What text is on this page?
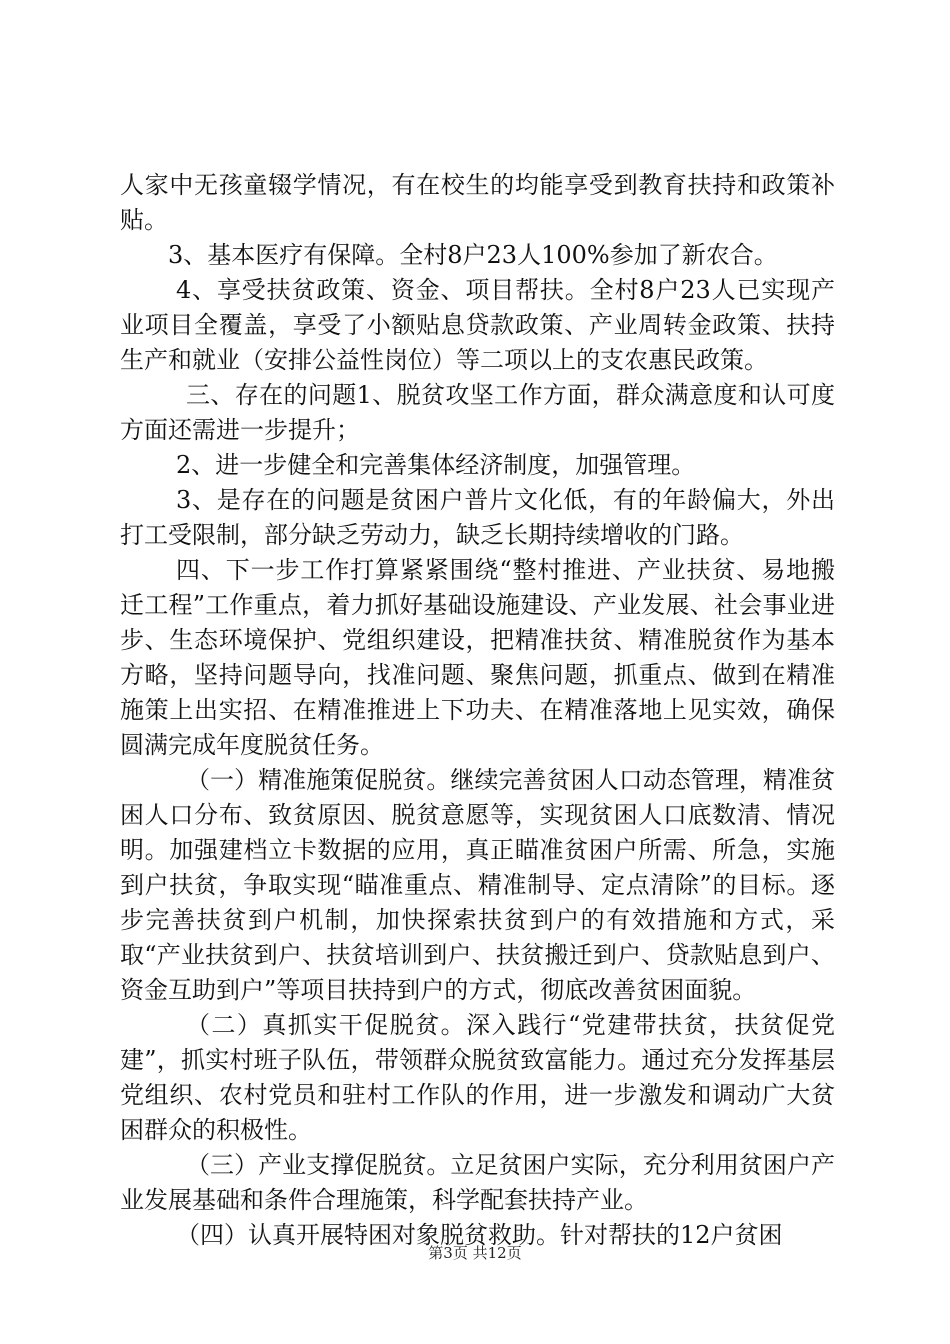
人家中无孩童辍学情况，有在校生的均能享受到教育扶持和政策补贴。

3、基本医疗有保障。全村8户23人100%参加了新农合。

4、享受扶贫政策、资金、项目帮扶。全村8户23人已实现产业项目全覆盖，享受了小额贴息贷款政策、产业周转金政策、扶持生产和就业（安排公益性岗位）等二项以上的支农惠民政策。

三、存在的问题1、脱贫攻坚工作方面，群众满意度和认可度方面还需进一步提升；

2、进一步健全和完善集体经济制度，加强管理。

3、是存在的问题是贫困户普片文化低，有的年龄偏大，外出打工受限制，部分缺乏劳动力，缺乏长期持续增收的门路。

四、下一步工作打算紧紧围绕“整村推进、产业扶贫、易地搬迁工程”工作重点，着力抓好基础设施建设、产业发展、社会事业进步、生态环境保护、党组织建设，把精准扶贫、精准脱贫作为基本方略，坚持问题导向，找准问题、聚焦问题，抓重点、做到在精准施策上出实招、在精准推进上下功夫、在精准落地上见实效，确保圆满完成年度脱贫任务。

（一）精准施策促脱贫。继续完善贫困人口动态管理，精准贫困人口分布、致贫原因、脱贫意愿等，实现贫困人口底数清、情况明。加强建档立卡数据的应用，真正瞄准贫困户所需、所急，实施到户扶贫，争取实现“瞄准重点、精准制导、定点清除”的目标。逐步完善扶贫到户机制，加快探索扶贫到户的有效措施和方式，采取“产业扶贫到户、扶贫培训到户、扶贫搬迁到户、贷款贴息到户、资金互助到户”等项目扶持到户的方式，彻底改善贫困面貌。

（二）真抓实干促脱贫。深入践行“党建带扶贫，扶贫促党建”，抓实村班子队伍，带领群众脱贫致富能力。通过充分发挥基层党组织、农村党员和驻村工作队的作用，进一步激发和调动广大贫困群众的积极性。

（三）产业支撑促脱贫。立足贫困户实际，充分利用贫困户产业发展基础和条件合理施策，科学配套扶持产业。

（四）认真开展特困对象脱贫救助。针对帮扶的12户贫困

第3页 共12页
